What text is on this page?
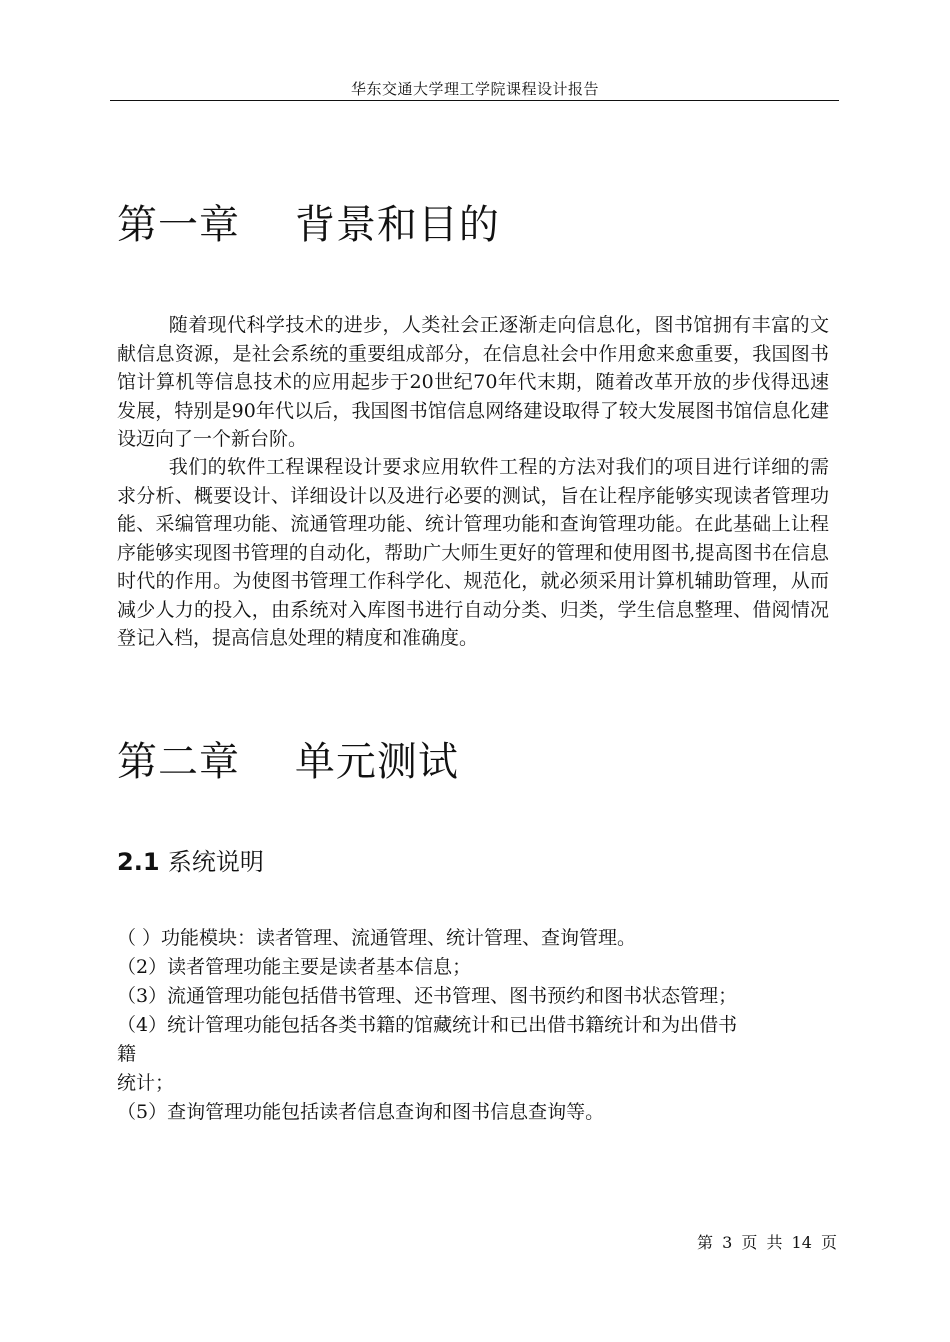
华东交通大学理工学院课程设计报告
第一章    背景和目的

随着现代科学技术的进步，人类社会正逐渐走向信息化，图书馆拥有丰富的文献信息资源，是社会系统的重要组成部分，在信息社会中作用愈来愈重要，我国图书馆计算机等信息技术的应用起步于20世纪70年代末期，随着改革开放的步伐得迅速发展，特别是90年代以后，我国图书馆信息网络建设取得了较大发展图书馆信息化建设迈向了一个新台阶。

我们的软件工程课程设计要求应用软件工程的方法对我们的项目进行详细的需求分析、概要设计、详细设计以及进行必要的测试，旨在让程序能够实现读者管理功能、采编管理功能、流通管理功能、统计管理功能和查询管理功能。在此基础上让程序能够实现图书管理的自动化，帮助广大师生更好的管理和使用图书,提高图书在信息时代的作用。为使图书管理工作科学化、规范化，就必须采用计算机辅助管理，从而减少人力的投入，由系统对入库图书进行自动分类、归类，学生信息整理、借阅情况登记入档，提高信息处理的精度和准确度。

第二章    单元测试
2.1 系统说明
（ ）功能模块：读者管理、流通管理、统计管理、查询管理。
（2）读者管理功能主要是读者基本信息；
（3）流通管理功能包括借书管理、还书管理、图书预约和图书状态管理；
（4）统计管理功能包括各类书籍的馆藏统计和已出借书籍统计和为出借书
籍
统计；
（5）查询管理功能包括读者信息查询和图书信息查询等。
第 3 页 共 14 页
